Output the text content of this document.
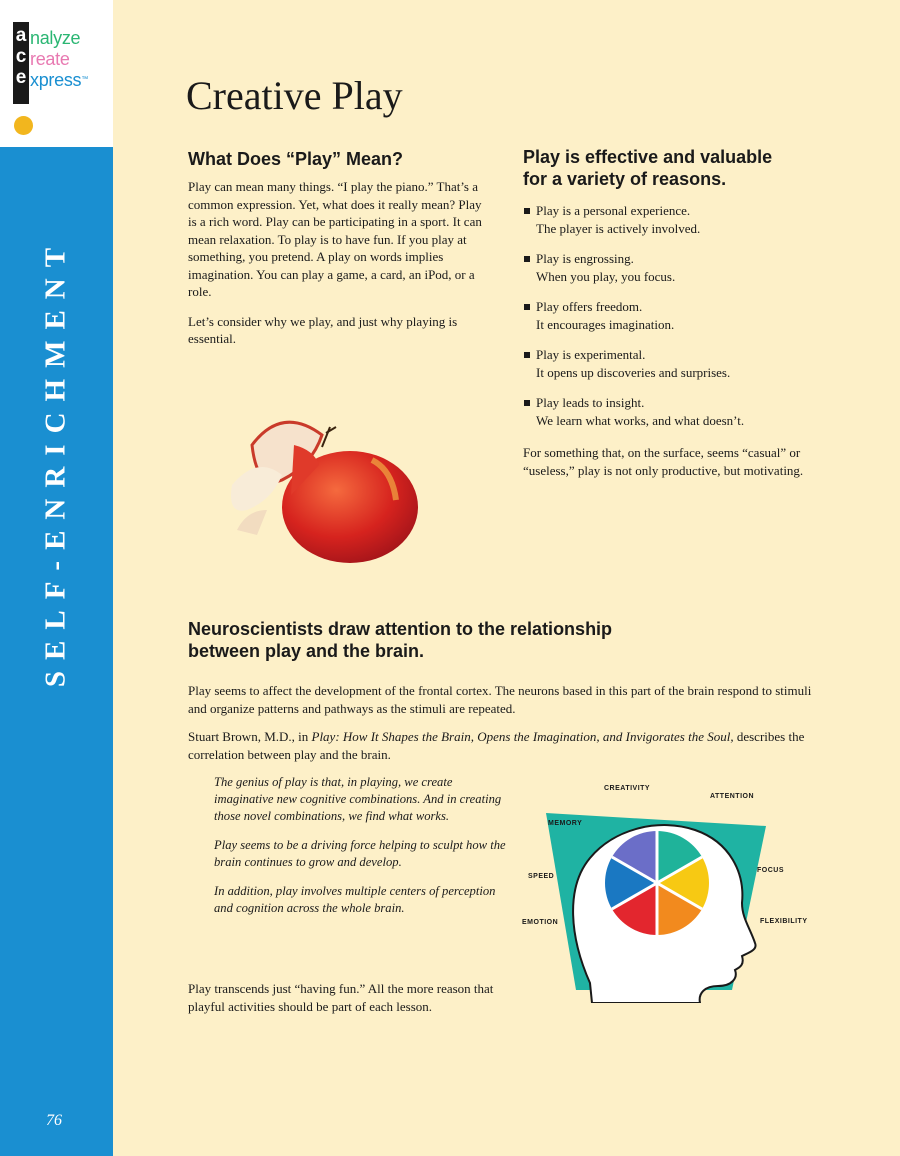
a
c
e
nalyze
reate
xpress™
SELF-ENRICHMENT
76
Creative Play
What Does “Play” Mean?

Play can mean many things. “I play the piano.” That’s a common expression. Yet, what does it really mean? Play is a rich word. Play can be participating in a sport. It can mean relaxation. To play is to have fun. If you play at something, you pretend. A play on words implies imagination. You can play a game, a card, an iPod, or a role.

Let’s consider why we play, and just why playing is essential.

Play is effective and valuable
for a variety of reasons.
Play is a personal experience.
The player is actively involved.
Play is engrossing.
When you play, you focus.
Play offers freedom.
It encourages imagination.
Play is experimental.
It opens up discoveries and surprises.
Play leads to insight.
We learn what works, and what doesn’t.

For something that, on the surface, seems “casual” or “useless,” play is not only productive, but motivating.

Neuroscientists draw attention to the relationship
between play and the brain.

Play seems to affect the development of the frontal cortex. The neurons based in this part of the brain respond to stimuli and organize patterns and pathways as the stimuli are repeated.

Stuart Brown, M.D., in Play: How It Shapes the Brain, Opens the Imagination, and Invigorates the Soul, describes the correlation between play and the brain.

The genius of play is that, in playing, we create imaginative new cognitive combinations. And in creating those novel combinations, we find what works.

Play seems to be a driving force helping to sculpt how the brain continues to grow and develop.

In addition, play involves multiple centers of perception and cognition across the whole brain.

Play transcends just “having fun.” All the more reason that playful activities should be part of each lesson.

CREATIVITY
ATTENTION
MEMORY
SPEED
FOCUS
EMOTION	FLEXIBILITY
